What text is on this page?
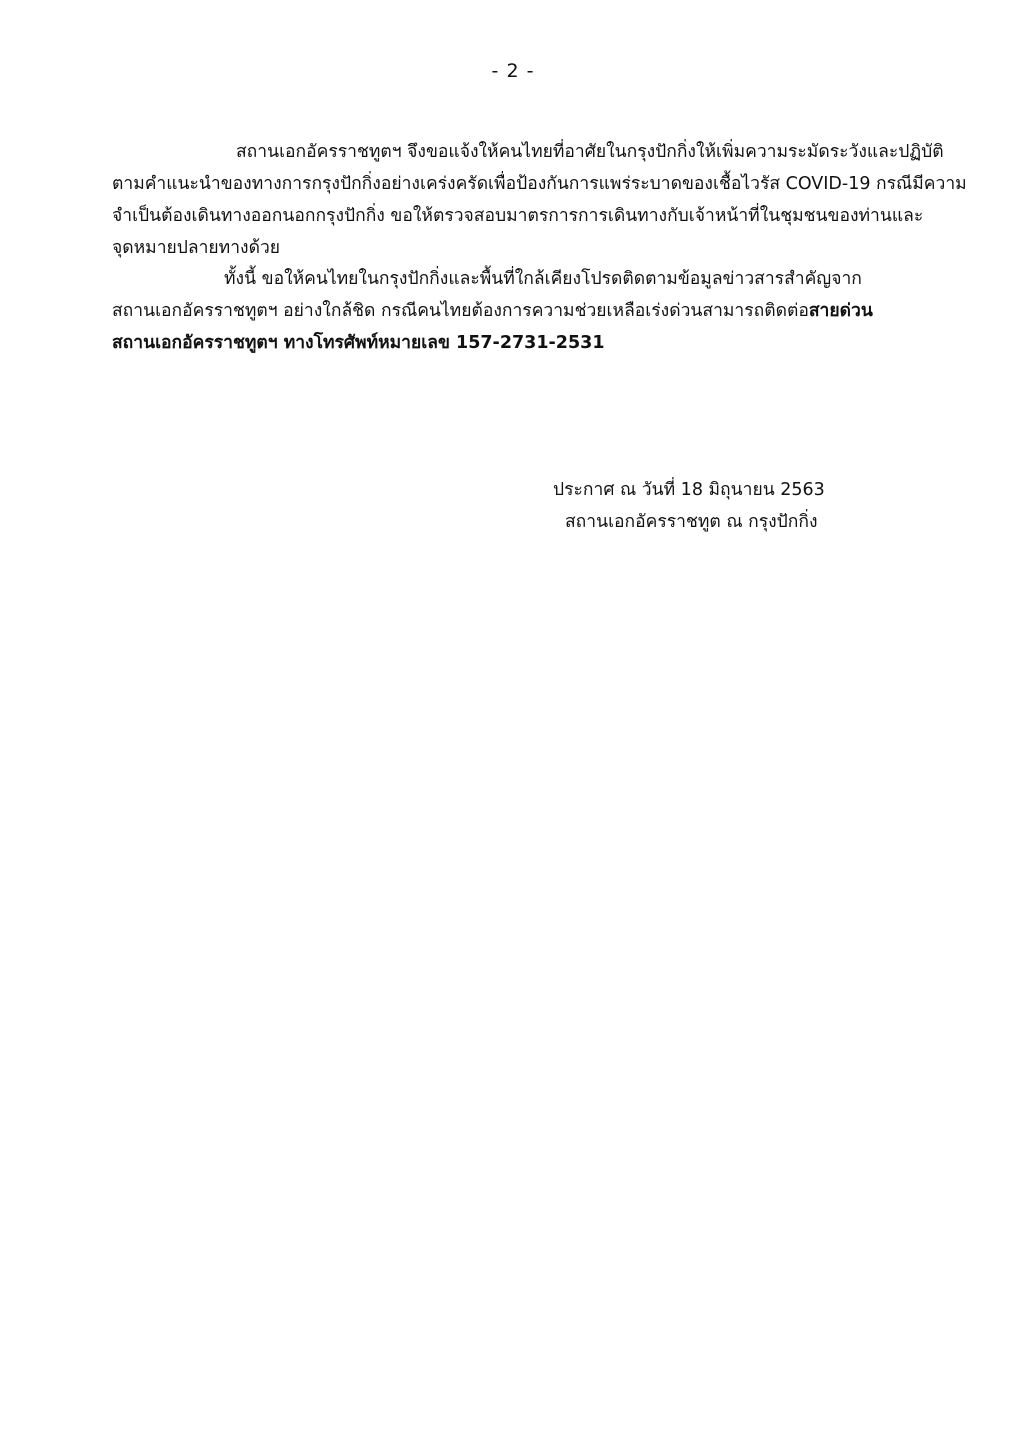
- 2 -

สถานเอกอัครราชทูตฯ จึงขอแจ้งให้คนไทยที่อาศัยในกรุงปักกิ่งให้เพิ่มความระมัดระวังและปฏิบัติ
ตามคำแนะนำของทางการกรุงปักกิ่งอย่างเคร่งครัดเพื่อป้องกันการแพร่ระบาดของเชื้อไวรัส COVID-19 กรณีมีความ
จำเป็นต้องเดินทางออกนอกกรุงปักกิ่ง ขอให้ตรวจสอบมาตรการการเดินทางกับเจ้าหน้าที่ในชุมชนของท่านและ
จุดหมายปลายทางด้วย

ทั้งนี้ ขอให้คนไทยในกรุงปักกิ่งและพื้นที่ใกล้เคียงโปรดติดตามข้อมูลข่าวสารสำคัญจาก
สถานเอกอัครราชทูตฯ อย่างใกล้ชิด กรณีคนไทยต้องการความช่วยเหลือเร่งด่วนสามารถติดต่อสายด่วน
สถานเอกอัครราชทูตฯ ทางโทรศัพท์หมายเลข 157-2731-2531

ประกาศ ณ วันที่ 18 มิถุนายน 2563
สถานเอกอัครราชทูต ณ กรุงปักกิ่ง
